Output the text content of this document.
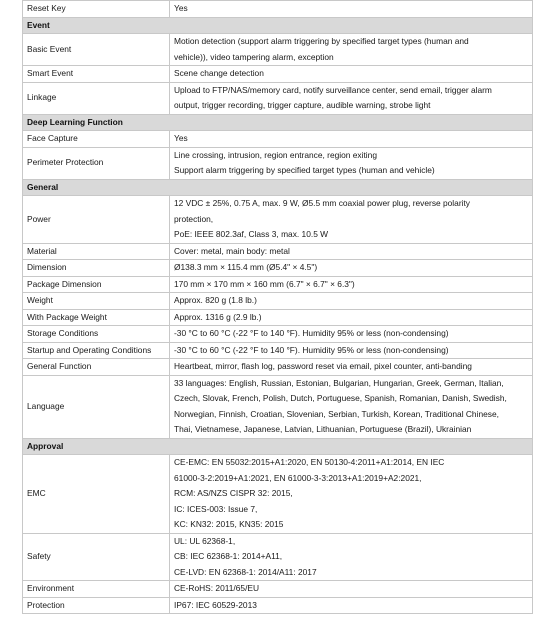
Reset Key	Yes

Event	
Basic Event	Motion detection (support alarm triggering by specified target types (human and
vehicle)), video tampering alarm, exception

Smart Event	Scene change detection

Linkage	Upload to FTP/NAS/memory card, notify surveillance center, send email, trigger alarm
output, trigger recording, trigger capture, audible warning, strobe light

Deep Learning Function	
Face Capture	Yes

Perimeter Protection	Line crossing, intrusion, region entrance, region exiting
Support alarm triggering by specified target types (human and vehicle)

General	
Power	12 VDC ± 25%, 0.75 A, max. 9 W, Ø5.5 mm coaxial power plug, reverse polarity
protection,
PoE: IEEE 802.3af, Class 3, max. 10.5 W

Material	Cover: metal, main body: metal

Dimension	Ø138.3 mm × 115.4 mm (Ø5.4" × 4.5")

Package Dimension	170 mm × 170 mm × 160 mm (6.7" × 6.7" × 6.3")

Weight	Approx. 820 g (1.8 lb.)

With Package Weight	Approx. 1316 g (2.9 lb.)

Storage Conditions	-30 °C to 60 °C (-22 °F to 140 °F). Humidity 95% or less (non-condensing)

Startup and Operating Conditions	-30 °C to 60 °C (-22 °F to 140 °F). Humidity 95% or less (non-condensing)

General Function	Heartbeat, mirror, flash log, password reset via email, pixel counter, anti-banding

Language	33 languages: English, Russian, Estonian, Bulgarian, Hungarian, Greek, German, Italian,
Czech, Slovak, French, Polish, Dutch, Portuguese, Spanish, Romanian, Danish, Swedish,
Norwegian, Finnish, Croatian, Slovenian, Serbian, Turkish, Korean, Traditional Chinese,
Thai, Vietnamese, Japanese, Latvian, Lithuanian, Portuguese (Brazil), Ukrainian

Approval	
EMC	CE-EMC: EN 55032:2015+A1:2020, EN 50130-4:2011+A1:2014, EN IEC
61000-3-2:2019+A1:2021, EN 61000-3-3:2013+A1:2019+A2:2021,
RCM: AS/NZS CISPR 32: 2015,
IC: ICES-003: Issue 7,
KC: KN32: 2015, KN35: 2015

Safety	UL: UL 62368-1,
CB: IEC 62368-1: 2014+A11,
CE-LVD: EN 62368-1: 2014/A11: 2017

Environment	CE-RoHS: 2011/65/EU

Protection	IP67: IEC 60529-2013
